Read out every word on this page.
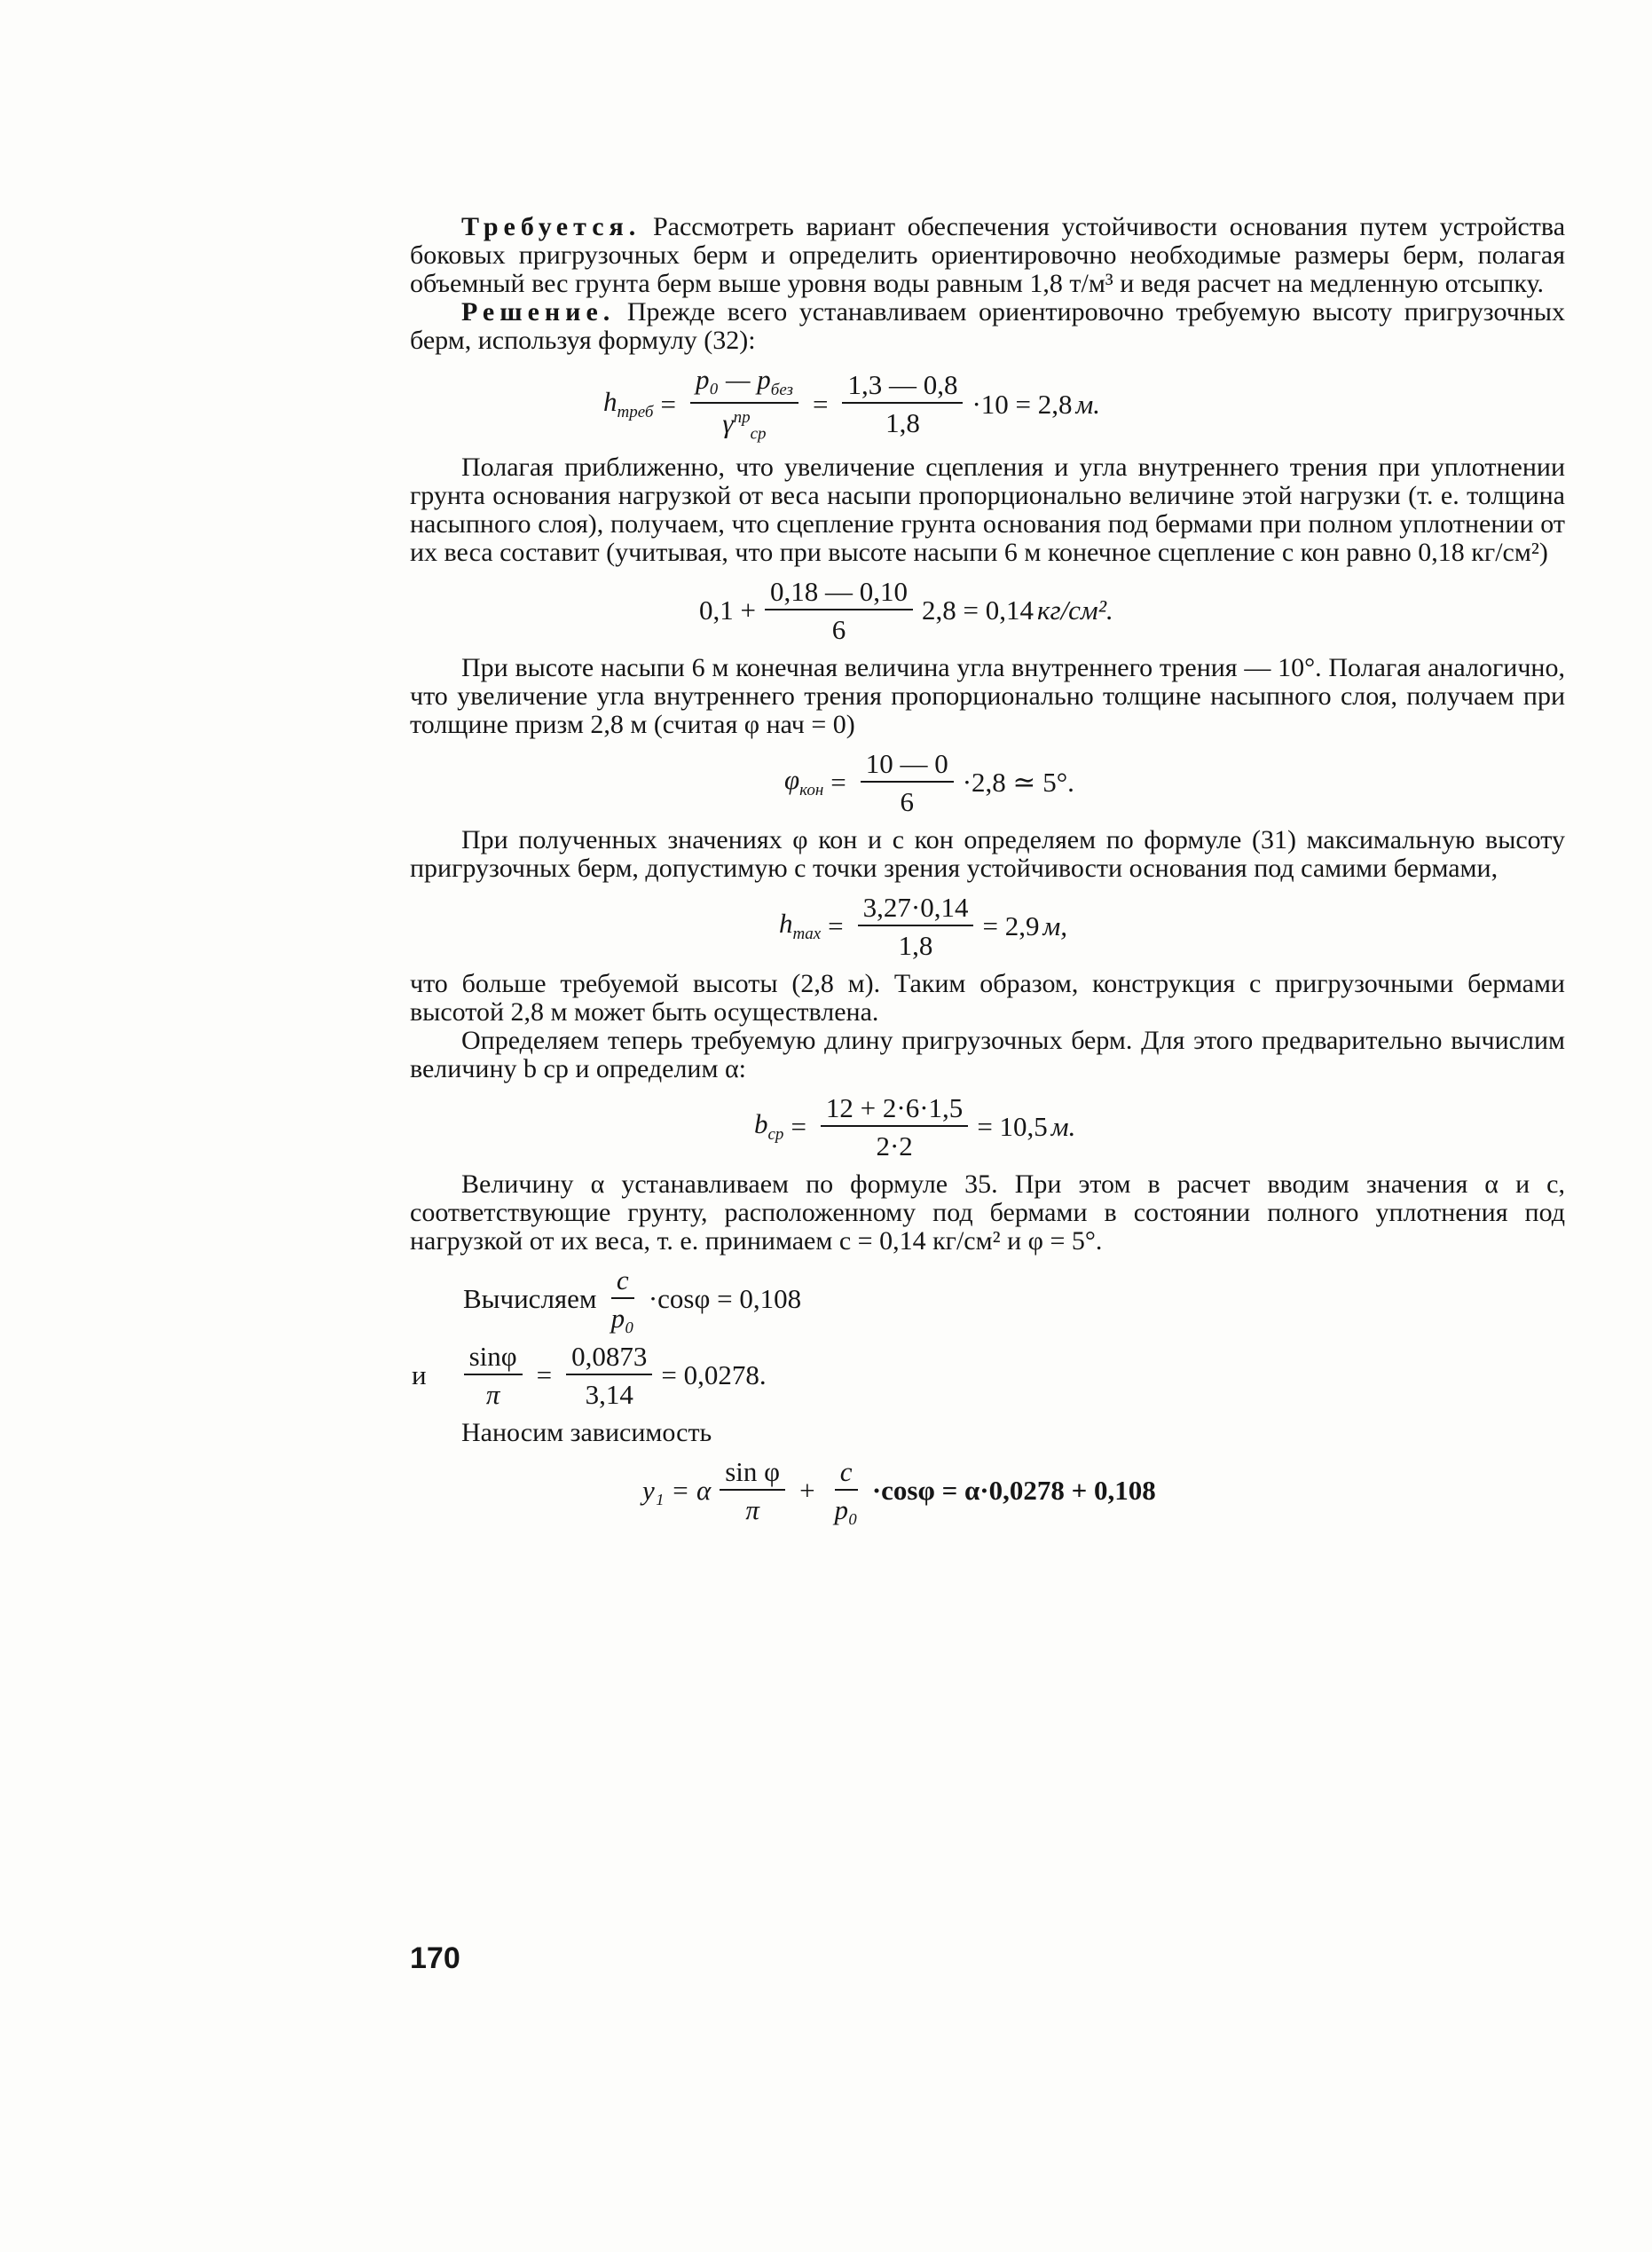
Требуется. Рассмотреть вариант обеспечения устойчивости основания путем устройства боковых пригрузочных берм и определить ориентировочно необходимые размеры берм, полагая объемный вес грунта берм выше уровня воды равным 1,8 т/м³ и ведя расчет на медленную отсыпку.

Решение. Прежде всего устанавливаем ориентировочно требуемую высоту пригрузочных берм, используя формулу (32):

$h_{треб} = \frac{p_0 — p_{без}}{\gamma^{пр}_{ср}} = \frac{1,3 — 0,8}{1,8} \cdot 10 = 2,8$ м.

Полагая приближенно, что увеличение сцепления и угла внутреннего трения при уплотнении грунта основания нагрузкой от веса насыпи пропорционально величине этой нагрузки (т. е. толщина насыпного слоя), получаем, что сцепление грунта основания под бермами при полном уплотнении от их веса составит (учитывая, что при высоте насыпи 6 м конечное сцепление c кон равно 0,18 кг/см²)

$0,1 + \frac{0,18 — 0,10}{6} 2,8 = 0,14$ кг/см².

При высоте насыпи 6 м конечная величина угла внутреннего трения — 10°. Полагая аналогично, что увеличение угла внутреннего трения пропорционально толщине насыпного слоя, получаем при толщине призм 2,8 м (считая φ нач = 0)

$\varphi_{кон} = \frac{10 — 0}{6} \cdot 2,8$ ≃ 5°.

При полученных значениях φ кон и c кон определяем по формуле (31) максимальную высоту пригрузочных берм, допустимую с точки зрения устойчивости основания под самими бермами,

$h_{max} = \frac{3,27\cdot 0,14}{1,8} = 2,9$ м,

что больше требуемой высоты (2,8 м). Таким образом, конструкция с пригрузочными бермами высотой 2,8 м может быть осуществлена.

Определяем теперь требуемую длину пригрузочных берм. Для этого предварительно вычислим величину b ср и определим α:

$b_{ср} = \frac{12 + 2\cdot 6\cdot 1,5}{2\cdot 2} = 10,5$ м.

Величину α устанавливаем по формуле 35. При этом в расчет вводим значения α и c, соответствующие грунту, расположенному под бермами в состоянии полного уплотнения под нагрузкой от их веса, т. е. принимаем c = 0,14 кг/см² и φ = 5°.

Вычисляем $\frac{c}{\text{p₀}} \cdot\cos\varphi = 0,108$
и $\frac{\sin\varphi}{\pi} = \frac{0,0873}{3,14} = 0,0278$.

Наносим зависимость

y₁ = α $\frac{\text{sin φ}}{\pi} + \frac{c}{\text{p₀}} \cdot\cos\varphi = \alpha\cdot 0,0278 + 0,108$
170
